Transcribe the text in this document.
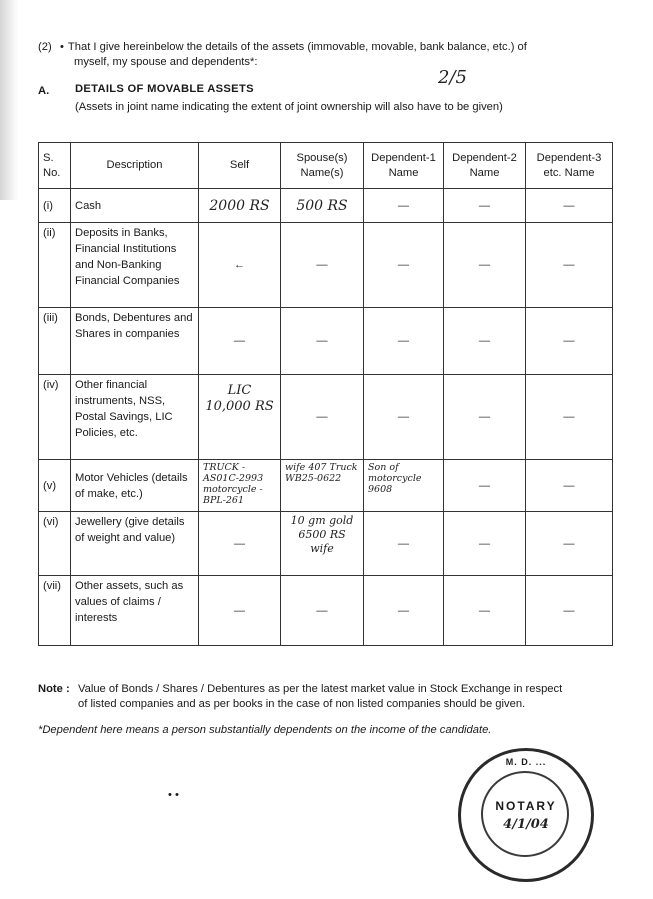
(2) • That I give hereinbelow the details of the assets (immovable, movable, bank balance, etc.) of
myself, my spouse and dependents*:
2/5
A. DETAILS OF MOVABLE ASSETS
(Assets in joint name indicating the extent of joint ownership will also have to be given)
S. No.	Description	Self	Spouse(s) Name(s)	Dependent-1 Name	Dependent-2 Name	Dependent-3 etc. Name
(i)	Cash	2000 RS	500 RS	—	—	—
(ii)	Deposits in Banks, Financial Institutions and Non-Banking Financial Companies	←	—	—	—	—
(iii)	Bonds, Debentures and Shares in companies	—	—	—	—	—
(iv)	Other financial instruments, NSS, Postal Savings, LIC Policies, etc.	LIC 10,000 RS	—	—	—	—
(v)	Motor Vehicles (details of make, etc.)	TRUCK - AS01C-2993 motorcycle - BPL-261	wife 407 Truck WB25-0622	Son of motorcycle 9608	—	—
(vi)	Jewellery (give details of weight and value)	—	10 gm gold 6500 RS wife	—	—	—
(vii)	Other assets, such as values of claims / interests	—	—	—	—	—
Note : Value of Bonds / Shares / Debentures as per the latest market value in Stock Exchange in respect
of listed companies and as per books in the case of non listed companies should be given.
*Dependent here means a person substantially dependents on the income of the candidate.
• •
M. D. ...
NOTARY
4/1/04
